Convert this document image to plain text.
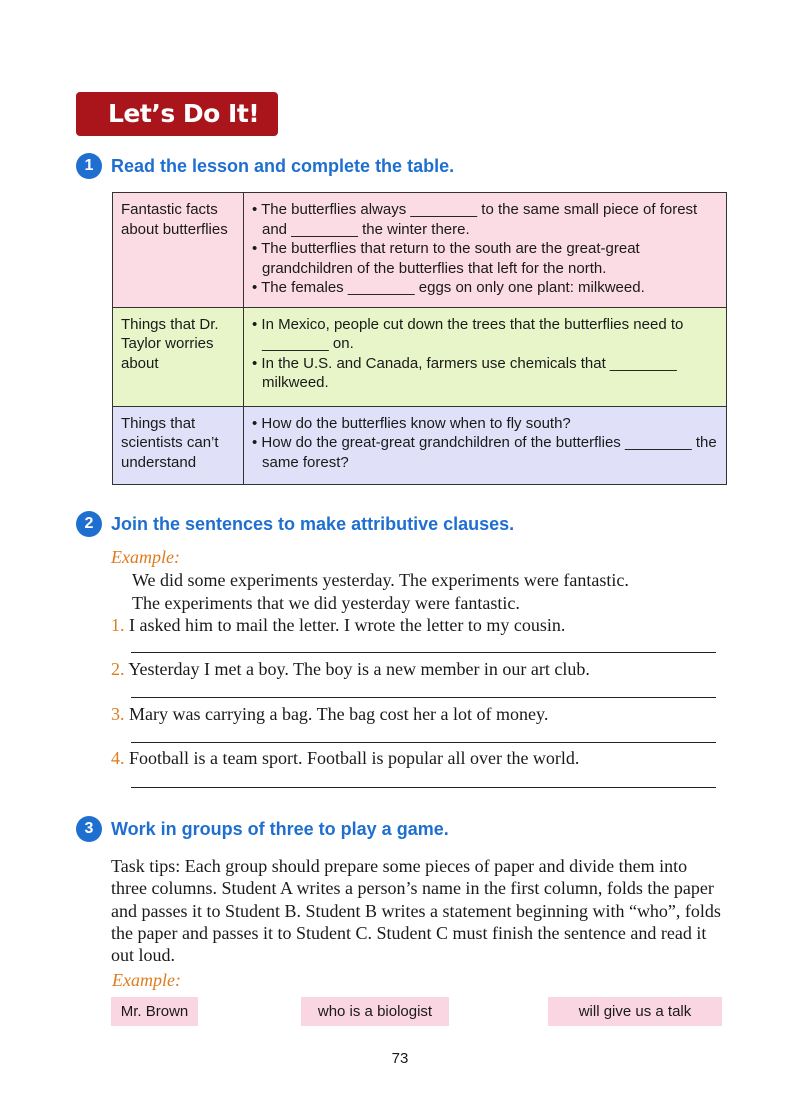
Let’s Do It!
1 Read the lesson and complete the table.
Fantastic facts about butterflies	• The butterflies always ________ to the same small piece of forest and ________ the winter there.
• The butterflies that return to the south are the great-great grandchildren of the butterflies that left for the north.
• The females ________ eggs on only one plant: milkweed.

Things that Dr. Taylor worries about	• In Mexico, people cut down the trees that the butterflies need to ________ on.
• In the U.S. and Canada, farmers use chemicals that ________ milkweed.

Things that scientists can’t understand	• How do the butterflies know when to fly south?
• How do the great-great grandchildren of the butterflies ________ the same forest?
2 Join the sentences to make attributive clauses.
Example:
We did some experiments yesterday. The experiments were fantastic.
The experiments that we did yesterday were fantastic.
1. I asked him to mail the letter. I wrote the letter to my cousin.
2. Yesterday I met a boy. The boy is a new member in our art club.
3. Mary was carrying a bag. The bag cost her a lot of money.
4. Football is a team sport. Football is popular all over the world.
3 Work in groups of three to play a game.
Task tips: Each group should prepare some pieces of paper and divide them into three columns. Student A writes a person’s name in the first column, folds the paper and passes it to Student B. Student B writes a statement beginning with “who”, folds the paper and passes it to Student C. Student C must finish the sentence and read it out loud.
Example:
Mr. Brown	who is a biologist	will give us a talk
73
